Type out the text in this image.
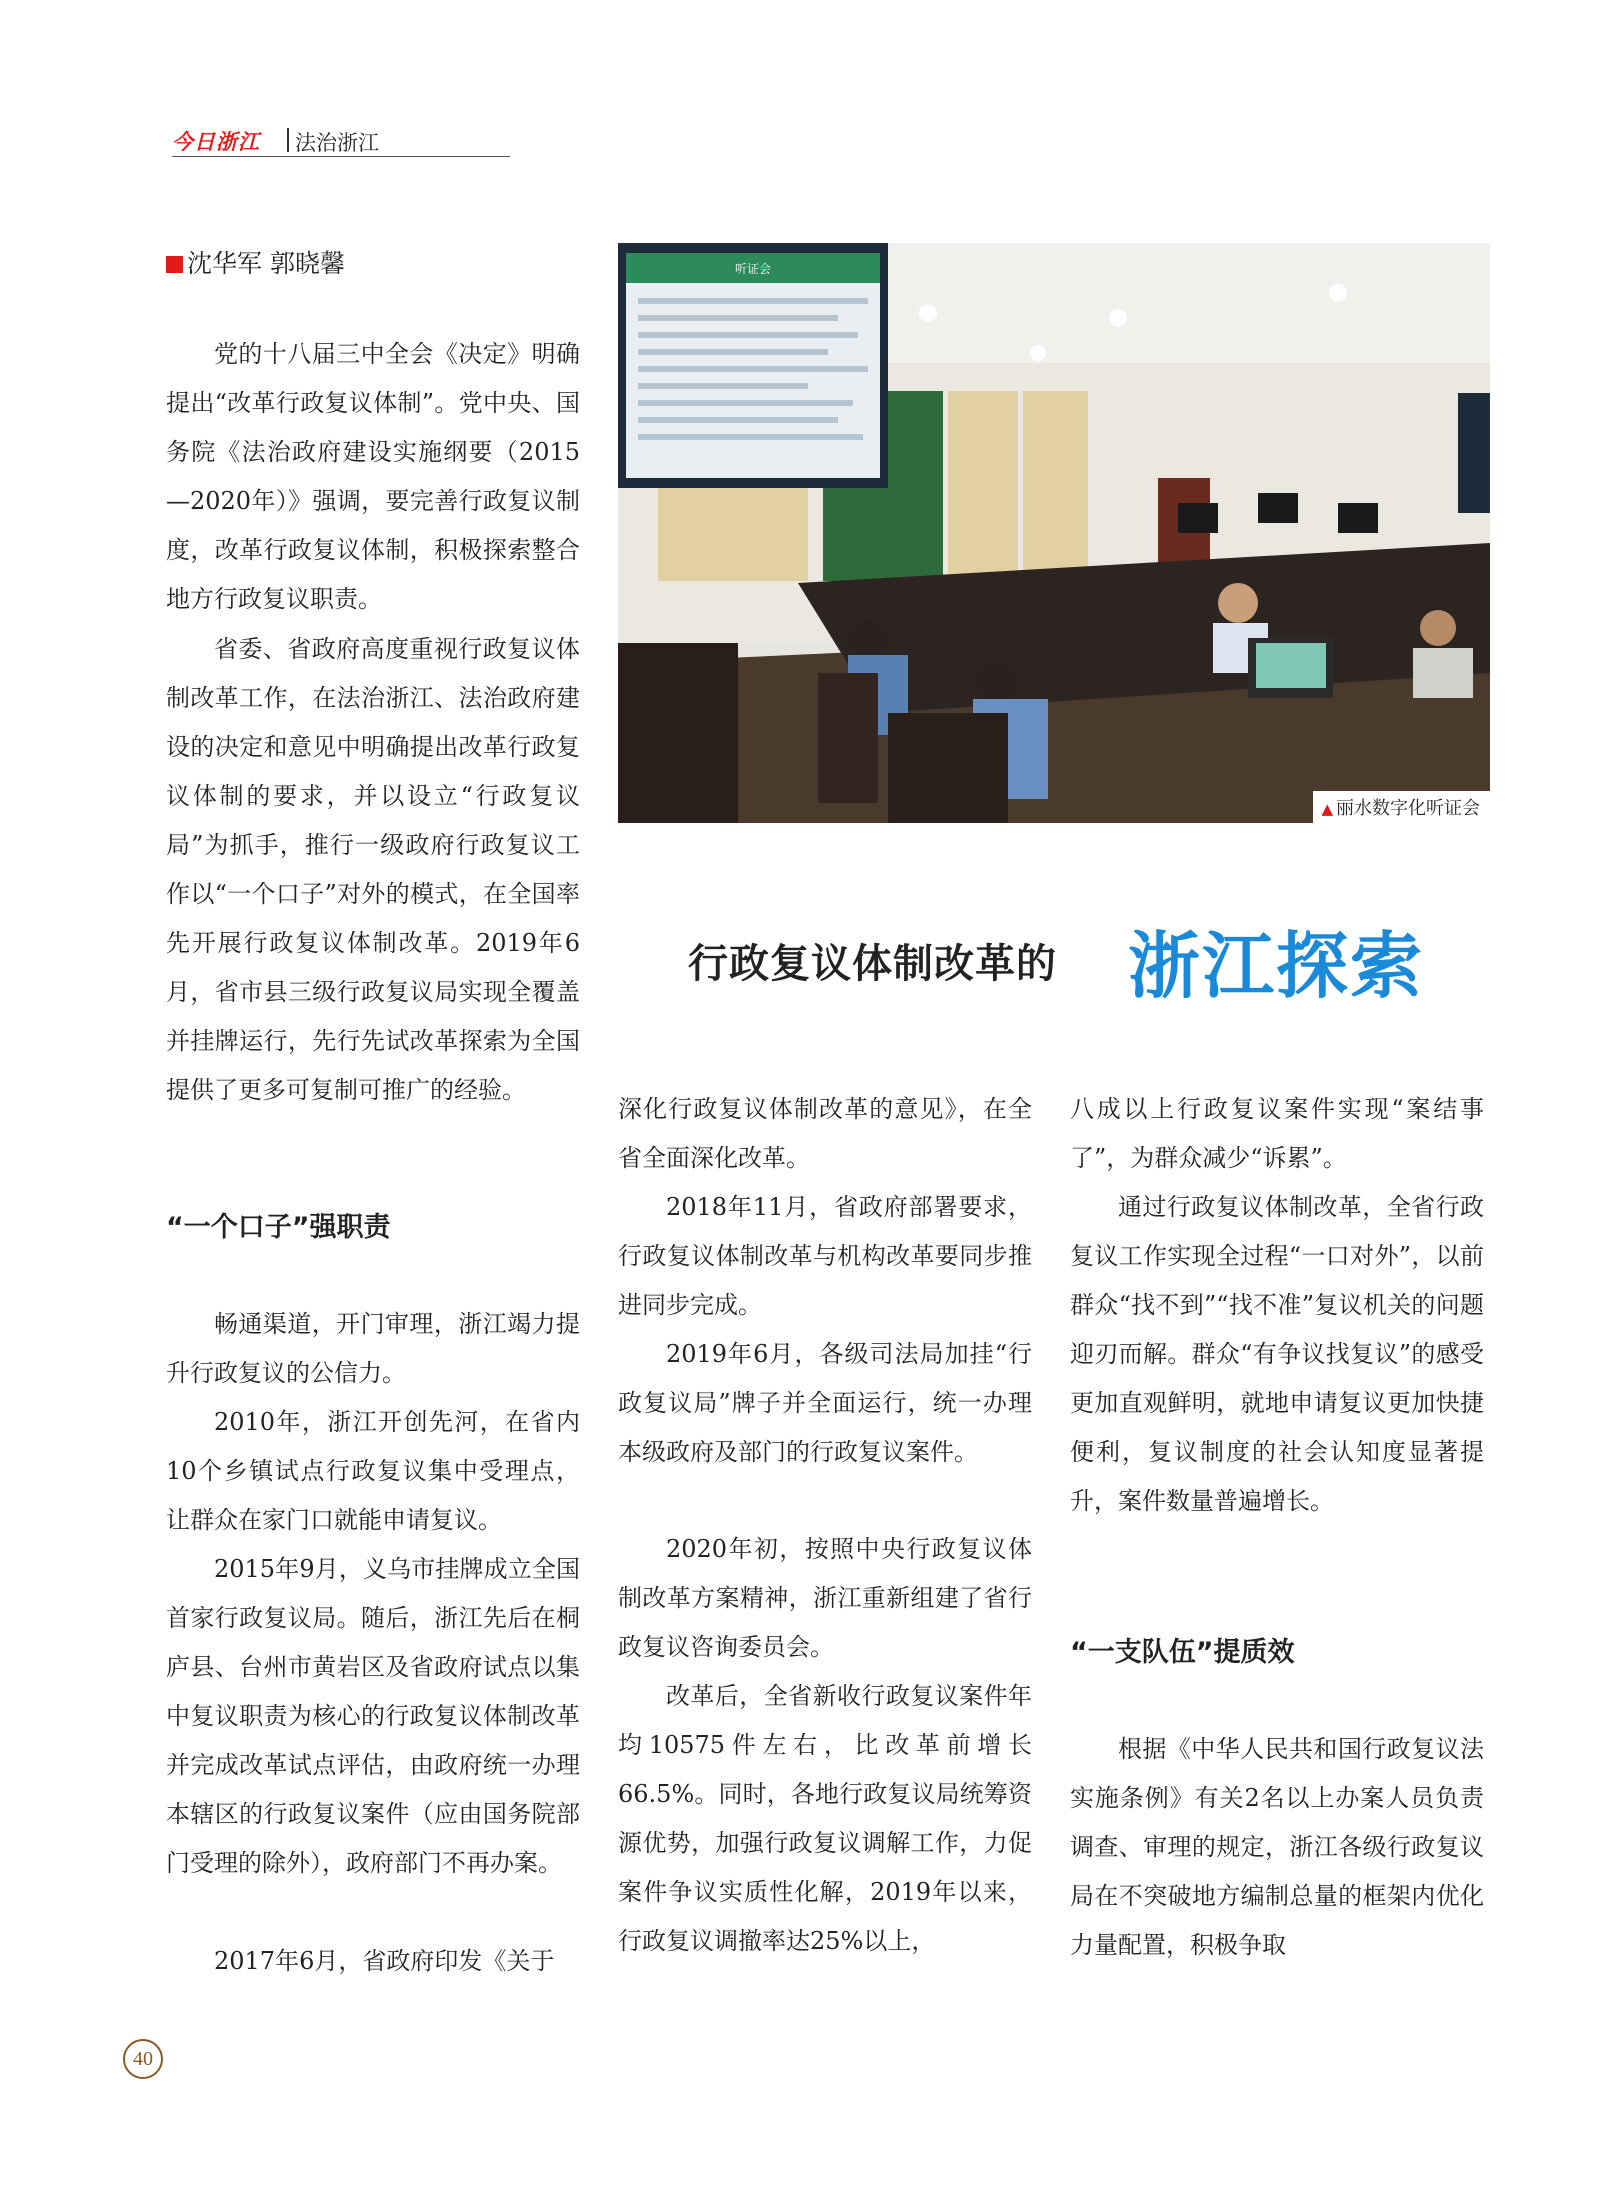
今日浙江 法治浙江
沈华军 郭晓馨

党的十八届三中全会《决定》明确提出“改革行政复议体制”。党中央、国务院《法治政府建设实施纲要（2015—2020年）》强调，要完善行政复议制度，改革行政复议体制，积极探索整合地方行政复议职责。

省委、省政府高度重视行政复议体制改革工作，在法治浙江、法治政府建设的决定和意见中明确提出改革行政复议体制的要求，并以设立“行政复议局”为抓手，推行一级政府行政复议工作以“一个口子”对外的模式，在全国率先开展行政复议体制改革。2019年6月，省市县三级行政复议局实现全覆盖并挂牌运行，先行先试改革探索为全国提供了更多可复制可推广的经验。

“一个口子”强职责

畅通渠道，开门审理，浙江竭力提升行政复议的公信力。

2010年，浙江开创先河，在省内10个乡镇试点行政复议集中受理点，让群众在家门口就能申请复议。

2015年9月，义乌市挂牌成立全国首家行政复议局。随后，浙江先后在桐庐县、台州市黄岩区及省政府试点以集中复议职责为核心的行政复议体制改革并完成改革试点评估，由政府统一办理本辖区的行政复议案件（应由国务院部门受理的除外），政府部门不再办案。

2017年6月，省政府印发《关于

听证会
▲ 丽水数字化听证会
行政复议体制改革的 浙江探索

深化行政复议体制改革的意见》，在全省全面深化改革。

2018年11月，省政府部署要求，行政复议体制改革与机构改革要同步推进同步完成。

2019年6月，各级司法局加挂“行政复议局”牌子并全面运行，统一办理本级政府及部门的行政复议案件。

2020年初，按照中央行政复议体制改革方案精神，浙江重新组建了省行政复议咨询委员会。

改革后，全省新收行政复议案件年均10575件左右，比改革前增长66.5%。同时，各地行政复议局统筹资源优势，加强行政复议调解工作，力促案件争议实质性化解，2019年以来，行政复议调撤率达25%以上，

八成以上行政复议案件实现“案结事了”，为群众减少“诉累”。

通过行政复议体制改革，全省行政复议工作实现全过程“一口对外”，以前群众“找不到”“找不准”复议机关的问题迎刃而解。群众“有争议找复议”的感受更加直观鲜明，就地申请复议更加快捷便利，复议制度的社会认知度显著提升，案件数量普遍增长。

“一支队伍”提质效

根据《中华人民共和国行政复议法实施条例》有关2名以上办案人员负责调查、审理的规定，浙江各级行政复议局在不突破地方编制总量的框架内优化力量配置，积极争取

40
